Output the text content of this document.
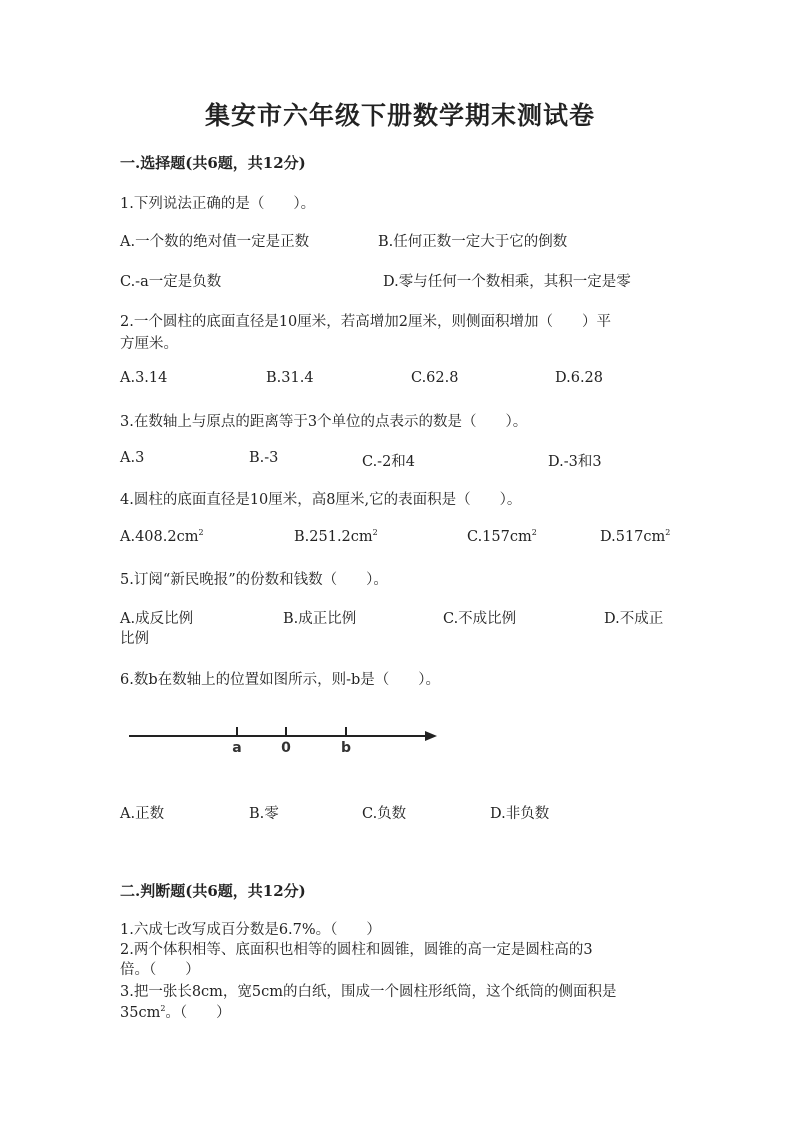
集安市六年级下册数学期末测试卷
一.选择题(共6题，共12分)
1.下列说法正确的是（　　）。
A.一个数的绝对值一定是正数	B.任何正数一定大于它的倒数
C.-a一定是负数	D.零与任何一个数相乘，其积一定是零
2.一个圆柱的底面直径是10厘米，若高增加2厘米，则侧面积增加（　　）平
方厘米。
A.3.14	B.31.4	C.62.8	D.6.28
3.在数轴上与原点的距离等于3个单位的点表示的数是（　　）。
A.3	B.-3	C.-2和4	D.-3和3
4.圆柱的底面直径是10厘米，高8厘米,它的表面积是（　　）。
$A.408.2cm^2$	$B.251.2cm^2$	$C.157cm^2$	$D.517cm^2$
5.订阅“新民晚报”的份数和钱数（　　）。
A.成反比例	B.成正比例	C.不成比例	D.不成正
比例
6.数b在数轴上的位置如图所示，则-b是（　　）。
a	0	b
A.正数	B.零	C.负数	D.非负数
二.判断题(共6题，共12分)
1.六成七改写成百分数是6.7%。（　　）
2.两个体积相等、底面积也相等的圆柱和圆锥，圆锥的高一定是圆柱高的3
倍。（　　）
3.把一张长8cm，宽5cm的白纸，围成一个圆柱形纸筒，这个纸筒的侧面积是
$35cm^2$。（　　）
